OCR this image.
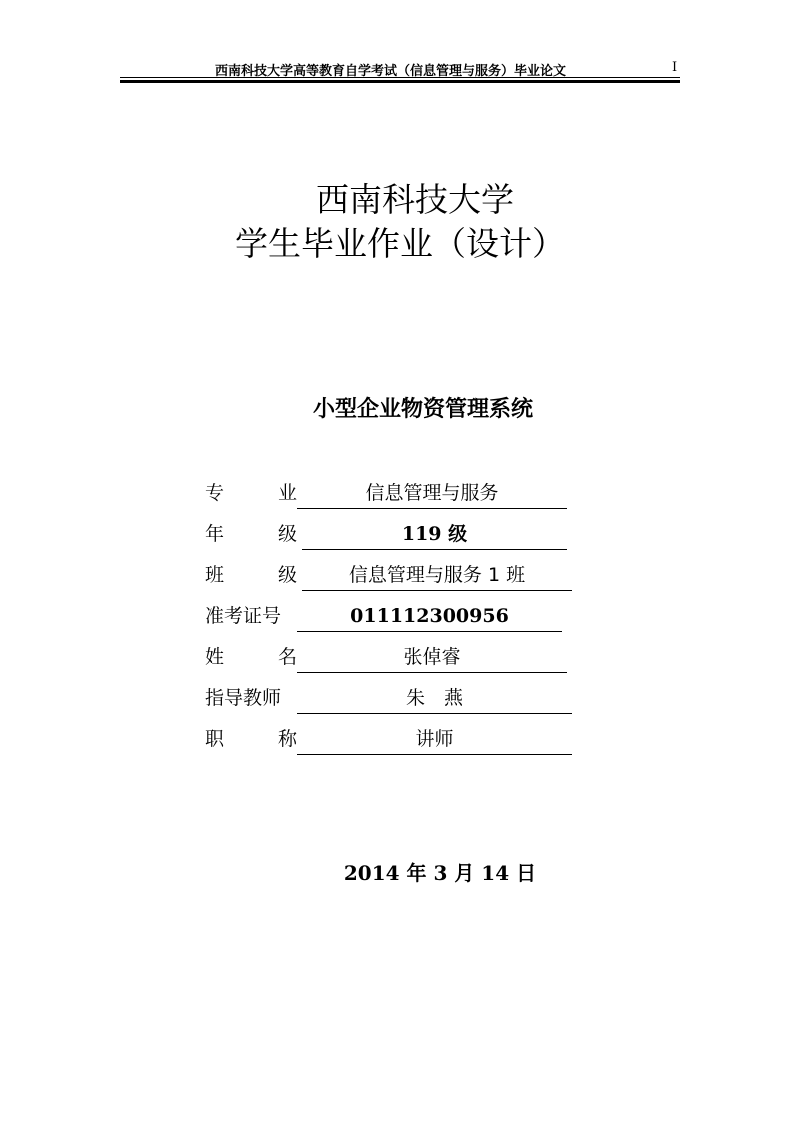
西南科技大学高等教育自学考试（信息管理与服务）毕业论文	I
西南科技大学
学生毕业作业（设计）
小型企业物资管理系统
专	业	信息管理与服务
年	级	119 级
班	级	信息管理与服务 1 班
准考证号	011112300956
姓	名	张倬睿
指导教师	朱　燕
职	称	讲师
2014 年 3 月 14 日
